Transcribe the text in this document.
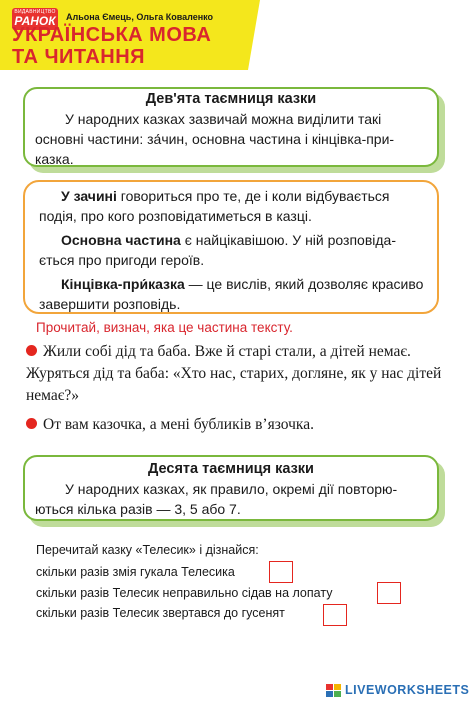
ВИДАВНИЦТВО
РАНОК Альона Ємець, Ольга Коваленко
УКРАЇНСЬКА МОВА
ТА ЧИТАННЯ
Дев'ята таємниця казки
У народних казках зазвичай можна виділити такі основні частини: за́чин, основна частина і кінцівка-приказка.

У зачині говориться про те, де і коли відбувається подія, про кого розповідатиметься в казці.

Основна частина є найцікавішою. У ній розповідається про пригоди героїв.

Кінцівка-при́казка — це вислів, який дозволяє красиво завершити розповідь.

Прочитай, визнач, яка це частина тексту.
Жили собі дід та баба. Вже й старі стали, а дітей немає. Журяться дід та баба: «Хто нас, старих, догляне, як у нас дітей немає?»
От вам казочка, а мені бубликів в’язочка.
Десята таємниця казки
У народних казках, як правило, окремі дії повторюються кілька разів — 3, 5 або 7.
Перечитай казку «Телесик» і дізнайся:
скільки разів змія гукала Телесика
скільки разів Телесик неправильно сідав на лопату
скільки разів Телесик звертався до гусенят
LIVEWORKSHEETS
